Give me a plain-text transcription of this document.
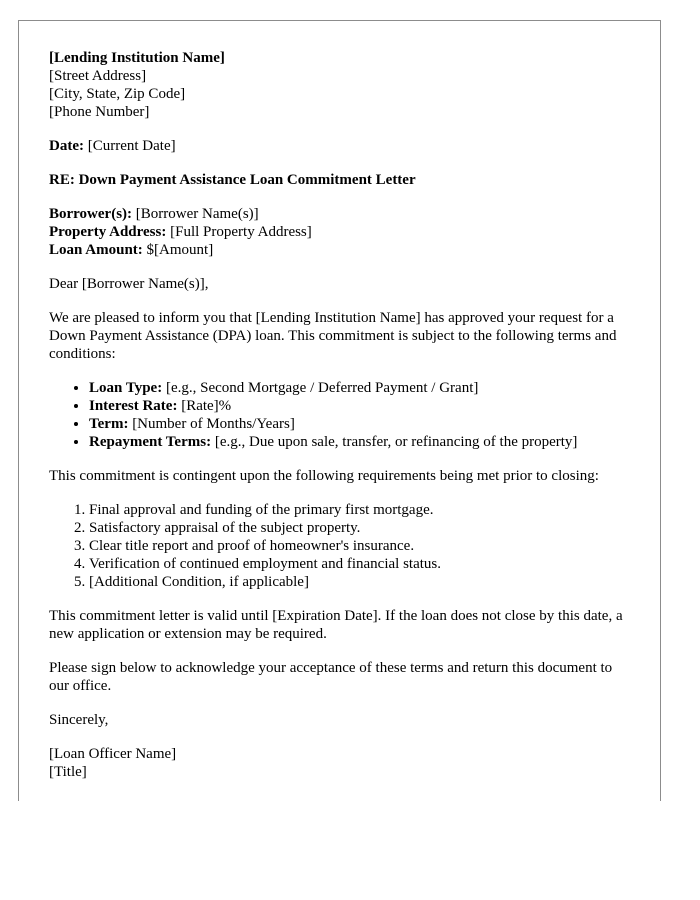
[Lending Institution Name]
[Street Address]
[City, State, Zip Code]
[Phone Number]

Date: [Current Date]

RE: Down Payment Assistance Loan Commitment Letter

Borrower(s): [Borrower Name(s)]
Property Address: [Full Property Address]
Loan Amount: $[Amount]

Dear [Borrower Name(s)],

We are pleased to inform you that [Lending Institution Name] has approved your request for a Down Payment Assistance (DPA) loan. This commitment is subject to the following terms and conditions:

• Loan Type: [e.g., Second Mortgage / Deferred Payment / Grant]
• Interest Rate: [Rate]%
• Term: [Number of Months/Years]
• Repayment Terms: [e.g., Due upon sale, transfer, or refinancing of the property]

This commitment is contingent upon the following requirements being met prior to closing:

1. Final approval and funding of the primary first mortgage.
2. Satisfactory appraisal of the subject property.
3. Clear title report and proof of homeowner's insurance.
4. Verification of continued employment and financial status.
5. [Additional Condition, if applicable]

This commitment letter is valid until [Expiration Date]. If the loan does not close by this date, a new application or extension may be required.

Please sign below to acknowledge your acceptance of these terms and return this document to our office.

Sincerely,

[Loan Officer Name]
[Title]
